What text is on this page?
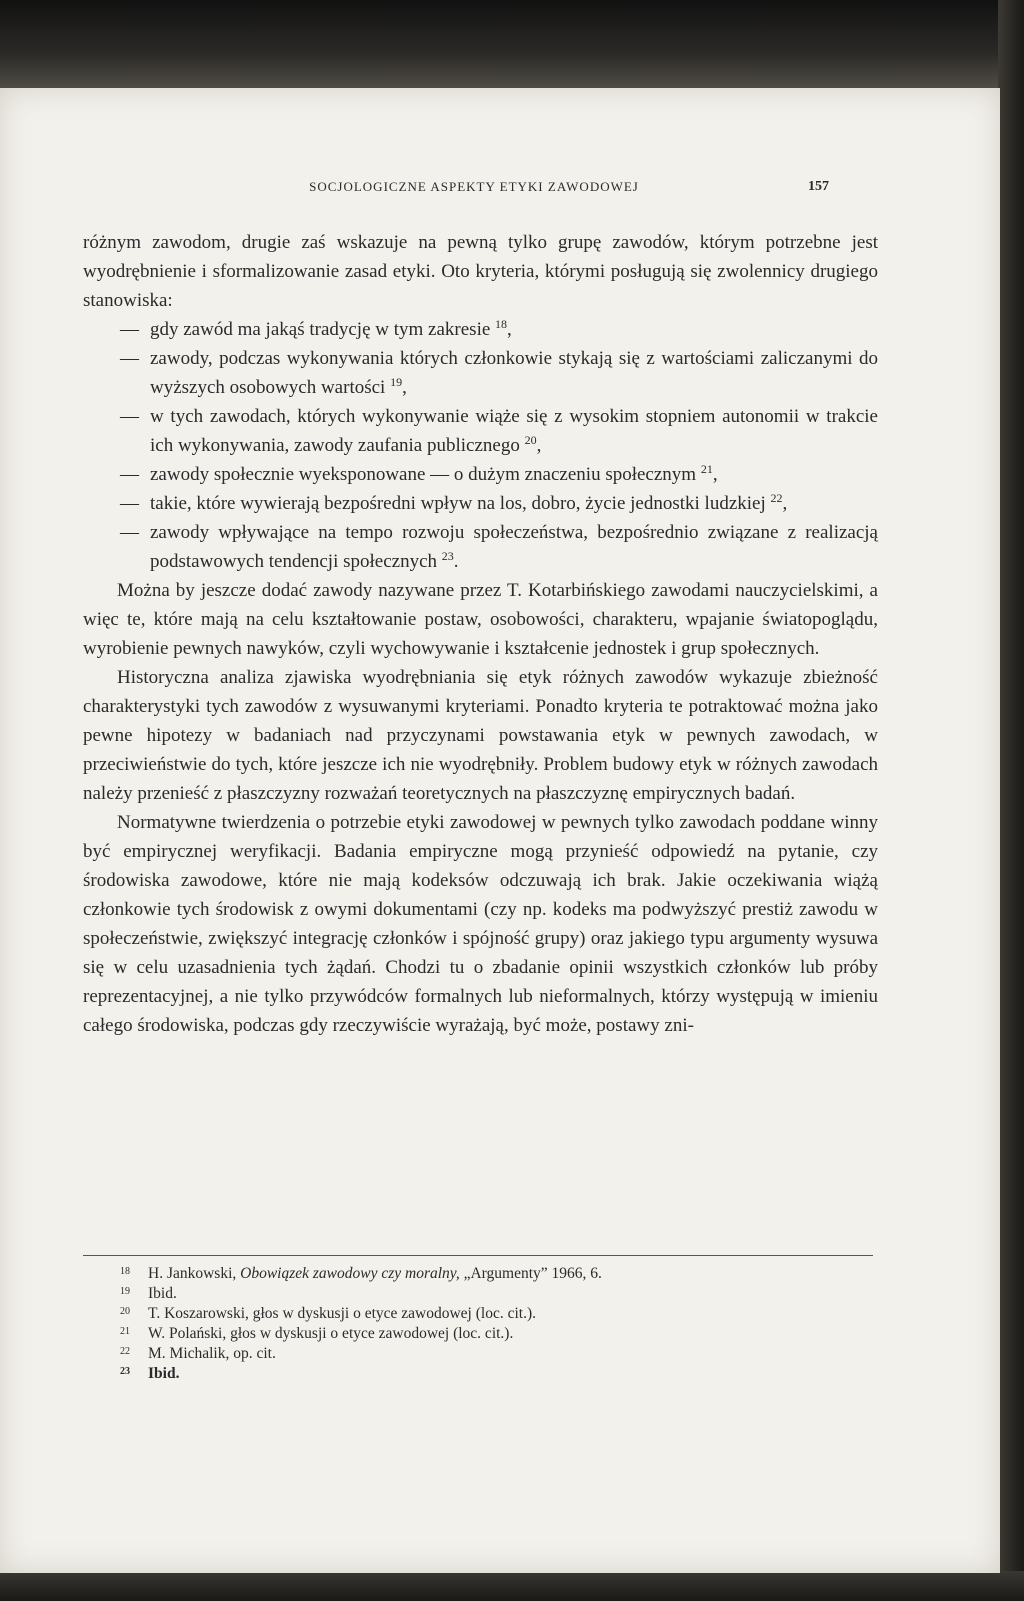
SOCJOLOGICZNE ASPEKTY ETYKI ZAWODOWEJ	157

różnym zawodom, drugie zaś wskazuje na pewną tylko grupę zawodów, którym potrzebne jest wyodrębnienie i sformalizowanie zasad etyki. Oto kryteria, którymi posługują się zwolennicy drugiego stanowiska:

— gdy zawód ma jakąś tradycję w tym zakresie $^{18}$,
— zawody, podczas wykonywania których członkowie stykają się z wartościami zaliczanymi do wyższych osobowych wartości $^{19}$,
— w tych zawodach, których wykonywanie wiąże się z wysokim stopniem autonomii w trakcie ich wykonywania, zawody zaufania publicznego $^{20}$,
— zawody społecznie wyeksponowane — o dużym znaczeniu społecznym $^{21}$,
— takie, które wywierają bezpośredni wpływ na los, dobro, życie jednostki ludzkiej $^{22}$,
— zawody wpływające na tempo rozwoju społeczeństwa, bezpośrednio związane z realizacją podstawowych tendencji społecznych $^{23}$.

Można by jeszcze dodać zawody nazywane przez T. Kotarbińskiego zawodami nauczycielskimi, a więc te, które mają na celu kształtowanie postaw, osobowości, charakteru, wpajanie światopoglądu, wyrobienie pewnych nawyków, czyli wychowywanie i kształcenie jednostek i grup społecznych.

Historyczna analiza zjawiska wyodrębniania się etyk różnych zawodów wykazuje zbieżność charakterystyki tych zawodów z wysuwanymi kryteriami. Ponadto kryteria te potraktować można jako pewne hipotezy w badaniach nad przyczynami powstawania etyk w pewnych zawodach, w przeciwieństwie do tych, które jeszcze ich nie wyodrębniły. Problem budowy etyk w różnych zawodach należy przenieść z płaszczyzny rozważań teoretycznych na płaszczyznę empirycznych badań.

Normatywne twierdzenia o potrzebie etyki zawodowej w pewnych tylko zawodach poddane winny być empirycznej weryfikacji. Badania empiryczne mogą przynieść odpowiedź na pytanie, czy środowiska zawodowe, które nie mają kodeksów odczuwają ich brak. Jakie oczekiwania wiążą członkowie tych środowisk z owymi dokumentami (czy np. kodeks ma podwyższyć prestiż zawodu w społeczeństwie, zwiększyć integrację członków i spójność grupy) oraz jakiego typu argumenty wysuwa się w celu uzasadnienia tych żądań. Chodzi tu o zbadanie opinii wszystkich członków lub próby reprezentacyjnej, a nie tylko przywódców formalnych lub nieformalnych, którzy występują w imieniu całego środowiska, podczas gdy rzeczywiście wyrażają, być może, postawy zni-

18 H. Jankowski, Obowiązek zawodowy czy moralny, „Argumenty” 1966, 6.
19 Ibid.
20 T. Koszarowski, głos w dyskusji o etyce zawodowej (loc. cit.).
21 W. Polański, głos w dyskusji o etyce zawodowej (loc. cit.).
22 M. Michalik, op. cit.
23 Ibid.
